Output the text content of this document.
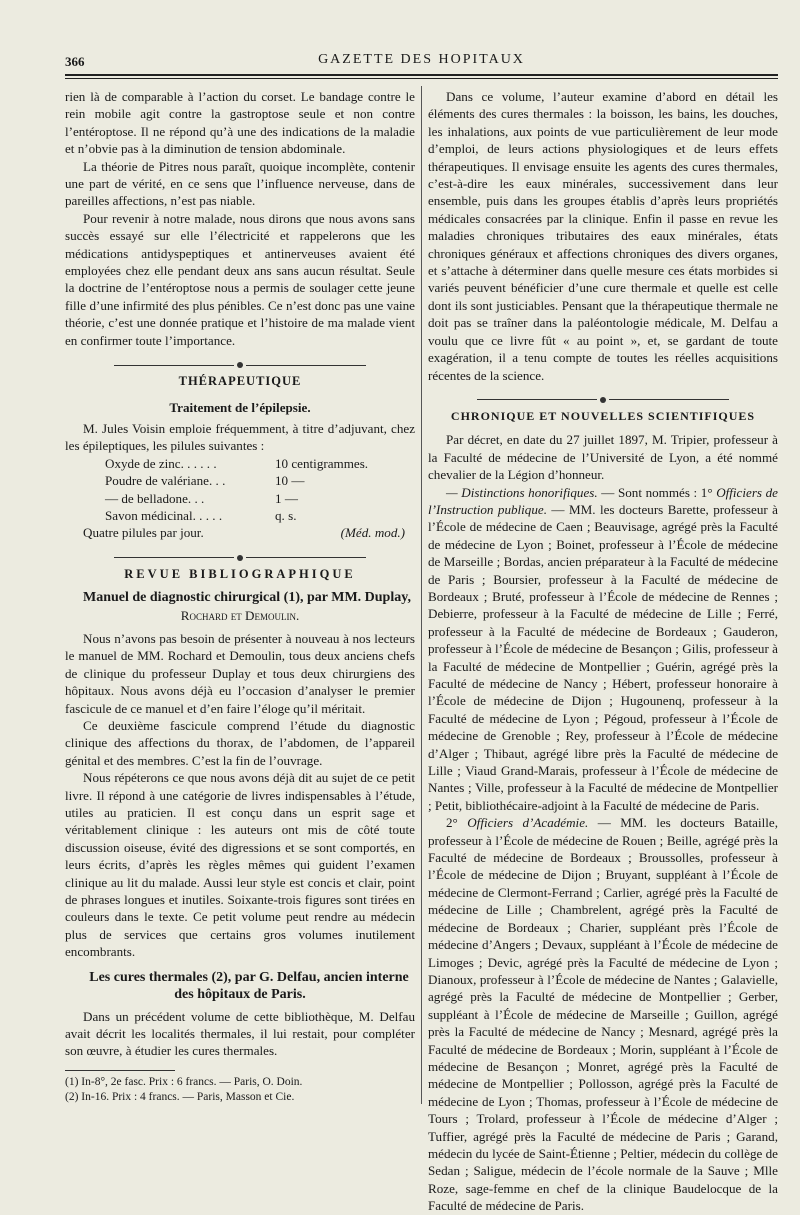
366	GAZETTE DES HOPITAUX

rien là de comparable à l’action du corset. Le bandage contre le rein mobile agit contre la gastroptose seule et non contre l’entéroptose. Il ne répond qu’à une des indications de la maladie et n’obvie pas à la diminution de tension abdominale.

La théorie de Pitres nous paraît, quoique incomplète, contenir une part de vérité, en ce sens que l’influence nerveuse, dans de pareilles affections, n’est pas niable.

Pour revenir à notre malade, nous dirons que nous avons sans succès essayé sur elle l’électricité et rappelerons que les médications antidyspeptiques et antinerveuses avaient été employées chez elle pendant deux ans sans aucun résultat. Seule la doctrine de l’entéroptose nous a permis de soulager cette jeune fille d’une infirmité des plus pénibles. Ce n’est donc pas une vaine théorie, c’est une donnée pratique et l’histoire de ma malade vient en confirmer toute l’importance.

THÉRAPEUTIQUE
Traitement de l’épilepsie.

M. Jules Voisin emploie fréquemment, à titre d’adjuvant, chez les épileptiques, les pilules suivantes :

Oxyde de zinc. . . . . .	10 centigrammes.
Poudre de valériane. . .	10 —
— de belladone. . .	1 —
Savon médicinal. . . . .	q. s.
Quatre pilules par jour.	(Méd. mod.)
REVUE BIBLIOGRAPHIQUE

Manuel de diagnostic chirurgical (1), par MM. Duplay,

Rochard et Demoulin.

Nous n’avons pas besoin de présenter à nouveau à nos lecteurs le manuel de MM. Rochard et Demoulin, tous deux anciens chefs de clinique du professeur Duplay et tous deux chirurgiens des hôpitaux. Nous avons déjà eu l’occasion d’analyser le premier fascicule de ce manuel et d’en faire l’éloge qu’il méritait.

Ce deuxième fascicule comprend l’étude du diagnostic clinique des affections du thorax, de l’abdomen, de l’appareil génital et des membres. C’est la fin de l’ouvrage.

Nous répéterons ce que nous avons déjà dit au sujet de ce petit livre. Il répond à une catégorie de livres indispensables à l’étude, utiles au praticien. Il est conçu dans un esprit sage et véritablement clinique : les auteurs ont mis de côté toute discussion oiseuse, évité des digressions et se sont comportés, en leurs écrits, d’après les règles mêmes qui guident l’examen clinique au lit du malade. Aussi leur style est concis et clair, point de phrases longues et inutiles. Soixante-trois figures sont tirées en couleurs dans le texte. Ce petit volume peut rendre au médecin plus de services que certains gros volumes inutilement encombrants.

Les cures thermales (2), par G. Delfau, ancien interne des hôpitaux de Paris.

Dans un précédent volume de cette bibliothèque, M. Delfau avait décrit les localités thermales, il lui restait, pour compléter son œuvre, à étudier les cures thermales.

(1) In-8°, 2e fasc. Prix : 6 francs. — Paris, O. Doin.

(2) In-16. Prix : 4 francs. — Paris, Masson et Cie.

Dans ce volume, l’auteur examine d’abord en détail les éléments des cures thermales : la boisson, les bains, les douches, les inhalations, aux points de vue particulièrement de leur mode d’emploi, de leurs actions physiologiques et de leurs effets thérapeutiques. Il envisage ensuite les agents des cures thermales, c’est-à-dire les eaux minérales, successivement dans leur ensemble, puis dans les groupes établis d’après leurs propriétés médicales consacrées par la clinique. Enfin il passe en revue les maladies chroniques tributaires des eaux minérales, états chroniques généraux et affections chroniques des divers organes, et s’attache à déterminer dans quelle mesure ces états morbides si variés peuvent bénéficier d’une cure thermale et quelle est celle dont ils sont justiciables. Pensant que la thérapeutique thermale ne doit pas se traîner dans la paléontologie médicale, M. Delfau a voulu que ce livre fût « au point », et, se gardant de toute exagération, il a tenu compte de toutes les réelles acquisitions récentes de la science.

CHRONIQUE ET NOUVELLES SCIENTIFIQUES

Par décret, en date du 27 juillet 1897, M. Tripier, professeur à la Faculté de médecine de l’Université de Lyon, a été nommé chevalier de la Légion d’honneur.

— Distinctions honorifiques. — Sont nommés : 1° Officiers de l’Instruction publique. — MM. les docteurs Barette, professeur à l’École de médecine de Caen ; Beauvisage, agrégé près la Faculté de médecine de Lyon ; Boinet, professeur à l’École de médecine de Marseille ; Bordas, ancien préparateur à la Faculté de médecine de Paris ; Boursier, professeur à la Faculté de médecine de Bordeaux ; Bruté, professeur à l’École de médecine de Rennes ; Debierre, professeur à la Faculté de médecine de Lille ; Ferré, professeur à la Faculté de médecine de Bordeaux ; Gauderon, professeur à l’École de médecine de Besançon ; Gilis, professeur à la Faculté de médecine de Montpellier ; Guérin, agrégé près la Faculté de médecine de Nancy ; Hébert, professeur honoraire à l’École de médecine de Dijon ; Hugounenq, professeur à la Faculté de médecine de Lyon ; Pégoud, professeur à l’École de médecine de Grenoble ; Rey, professeur à l’École de médecine d’Alger ; Thibaut, agrégé libre près la Faculté de médecine de Lille ; Viaud Grand-Marais, professeur à l’École de médecine de Nantes ; Ville, professeur à la Faculté de médecine de Montpellier ; Petit, bibliothécaire-adjoint à la Faculté de médecine de Paris.

2° Officiers d’Académie. — MM. les docteurs Bataille, professeur à l’École de médecine de Rouen ; Beille, agrégé près la Faculté de médecine de Bordeaux ; Broussolles, professeur à l’École de médecine de Dijon ; Bruyant, suppléant à l’École de médecine de Clermont-Ferrand ; Carlier, agrégé près la Faculté de médecine de Lille ; Chambrelent, agrégé près la Faculté de médecine de Bordeaux ; Charier, suppléant près l’École de médecine d’Angers ; Devaux, suppléant à l’École de médecine de Limoges ; Devic, agrégé près la Faculté de médecine de Lyon ; Dianoux, professeur à l’École de médecine de Nantes ; Galavielle, agrégé près la Faculté de médecine de Montpellier ; Gerber, suppléant à l’École de médecine de Marseille ; Guillon, agrégé près la Faculté de médecine de Nancy ; Mesnard, agrégé près la Faculté de médecine de Bordeaux ; Morin, suppléant à l’École de médecine de Besançon ; Monret, agrégé près la Faculté de médecine de Montpellier ; Pollosson, agrégé près la Faculté de médecine de Lyon ; Thomas, professeur à l’École de médecine de Tours ; Trolard, professeur à l’École de médecine d’Alger ; Tuffier, agrégé près la Faculté de médecine de Paris ; Garand, médecin du lycée de Saint-Étienne ; Peltier, médecin du collège de Sedan ; Saligue, médecin de l’école normale de la Sauve ; Mlle Roze, sage-femme en chef de la clinique Baudelocque de la Faculté de médecine de Paris.
